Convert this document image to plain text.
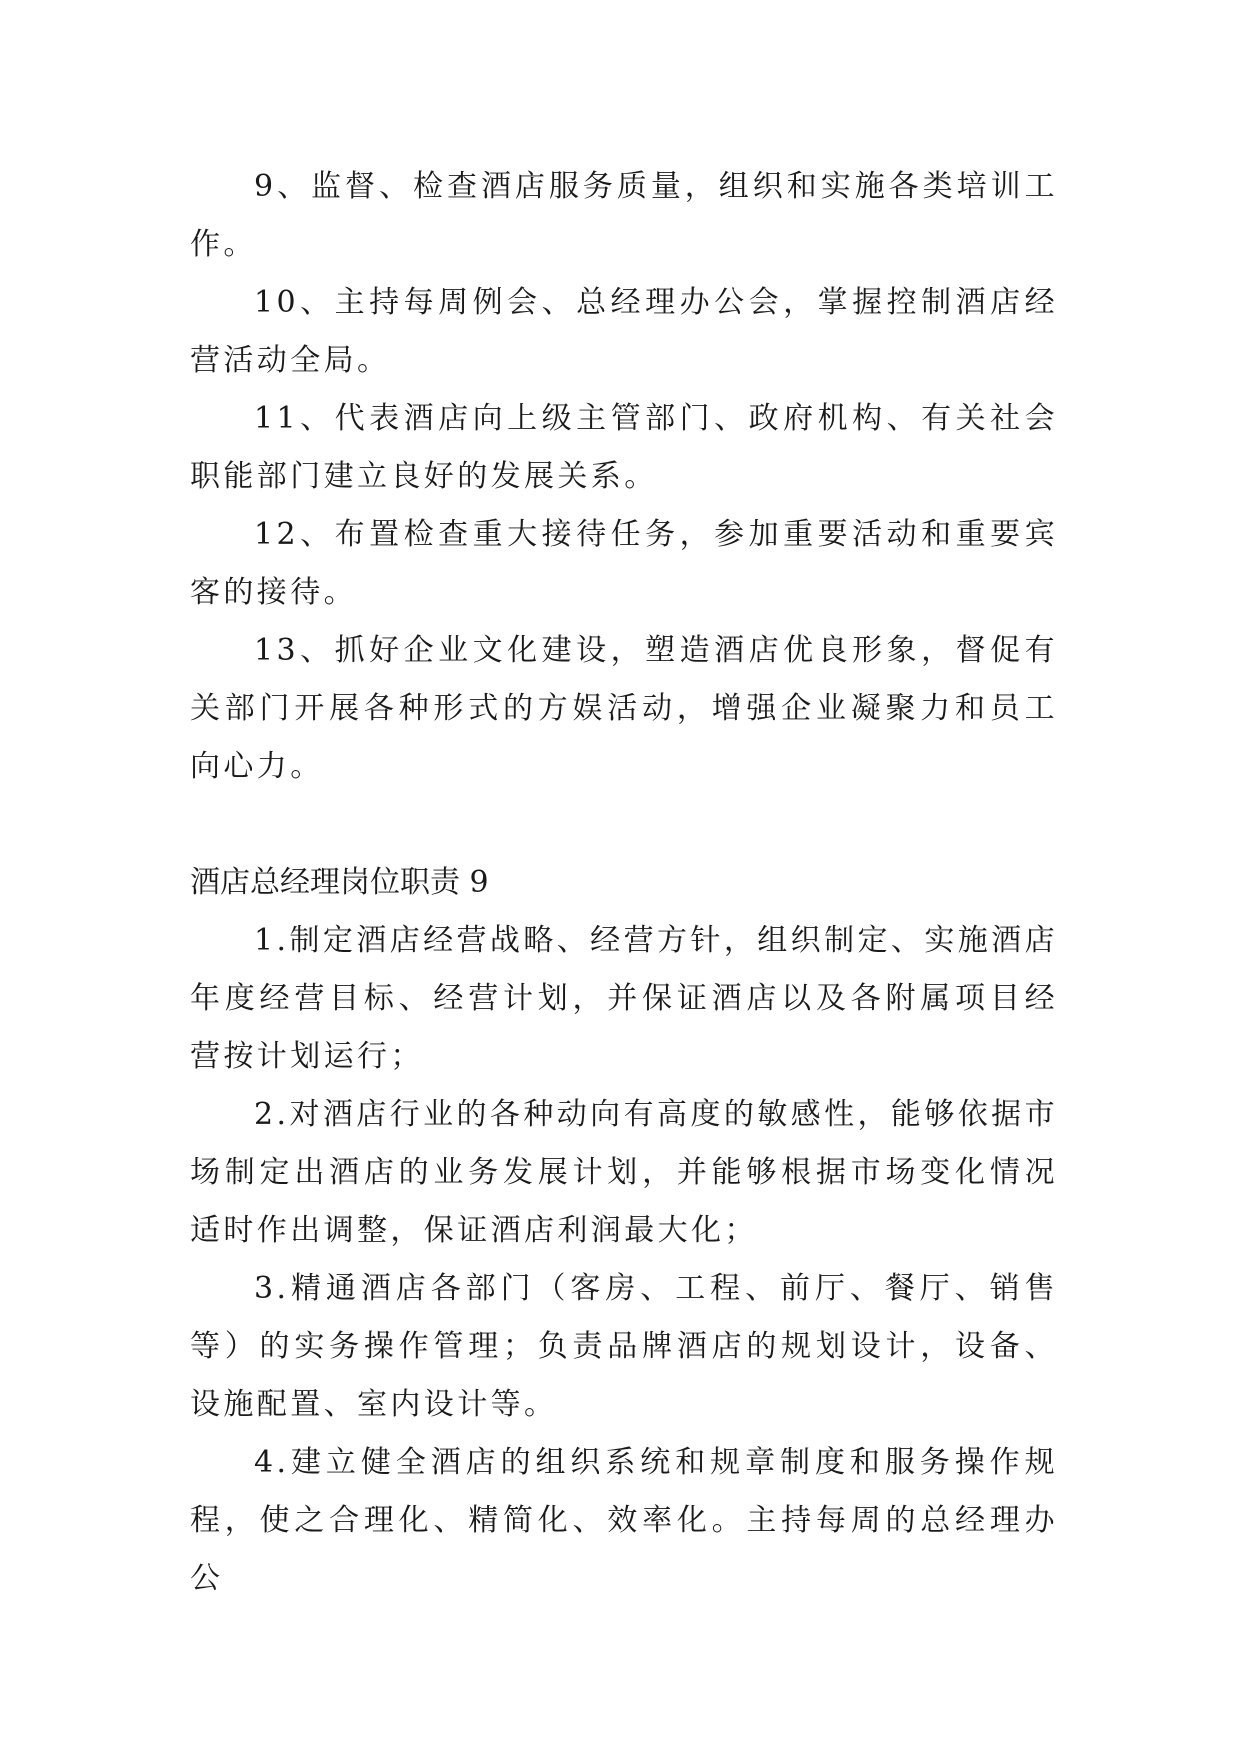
9、监督、检查酒店服务质量，组织和实施各类培训工作。

10、主持每周例会、总经理办公会，掌握控制酒店经营活动全局。

11、代表酒店向上级主管部门、政府机构、有关社会职能部门建立良好的发展关系。

12、布置检查重大接待任务，参加重要活动和重要宾客的接待。

13、抓好企业文化建设，塑造酒店优良形象，督促有关部门开展各种形式的方娱活动，增强企业凝聚力和员工向心力。

酒店总经理岗位职责 9

1.制定酒店经营战略、经营方针，组织制定、实施酒店年度经营目标、经营计划，并保证酒店以及各附属项目经营按计划运行；

2.对酒店行业的各种动向有高度的敏感性，能够依据市场制定出酒店的业务发展计划，并能够根据市场变化情况适时作出调整，保证酒店利润最大化；

3.精通酒店各部门（客房、工程、前厅、餐厅、销售等）的实务操作管理；负责品牌酒店的规划设计，设备、设施配置、室内设计等。

4.建立健全酒店的组织系统和规章制度和服务操作规程，使之合理化、精简化、效率化。主持每周的总经理办公
